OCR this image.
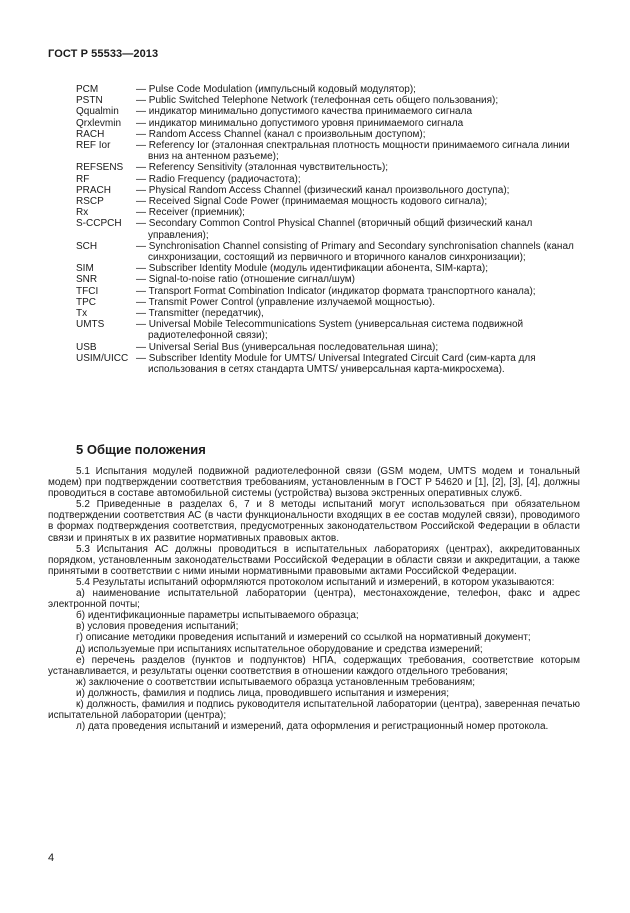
ГОСТ Р 55533—2013
PCM	— Pulse Code Modulation (импульсный кодовый модулятор);
PSTN	— Public Switched Telephone Network (телефонная сеть общего пользования);
Qqualmin	— индикатор минимально допустимого качества принимаемого сигнала
Qrxlevmin	— индикатор минимально допустимого уровня принимаемого сигнала
RACH	— Random Access Channel (канал с произвольным доступом);
REF Ior	— Referency Ior (эталонная спектральная плотность мощности принимаемого сигнала линии вниз на антенном разъеме);
REFSENS	— Referency Sensitivity (эталонная чувствительность);
RF	— Radio Frequency (радиочастота);
PRACH	— Physical Random Access Channel (физический канал произвольного доступа);
RSCP	— Received Signal Code Power (принимаемая мощность кодового сигнала);
Rx	— Receiver (приемник);
S-CCPCH	— Secondary Common Control Physical Channel (вторичный общий физический канал управления);
SCH	— Synchronisation Channel consisting of Primary and Secondary synchronisation channels (канал синхронизации, состоящий из первичного и вторичного каналов синхронизации);
SIM	— Subscriber Identity Module (модуль идентификации абонента, SIM-карта);
SNR	— Signal-to-noise ratio (отношение сигнал/шум)
TFCI	— Transport Format Combination Indicator (индикатор формата транспортного канала);
TPC	— Transmit Power Control (управление излучаемой мощностью).
Tx	— Transmitter (передатчик),
UMTS	— Universal Mobile Telecommunications System (универсальная система подвижной радиотелефонной связи);
USB	— Universal Serial Bus (универсальная последовательная шина);
USIM/UICC — Subscriber Identity Module for UMTS/ Universal Integrated Circuit Card (сим-карта для использования в сетях стандарта UMTS/ универсальная карта-микросхема).
5 Общие положения

5.1 Испытания модулей подвижной радиотелефонной связи (GSM модем, UMTS модем и тональный модем) при подтверждении соответствия требованиям, установленным в ГОСТ Р 54620 и [1], [2], [3], [4], должны проводиться в составе автомобильной системы (устройства) вызова экстренных оперативных служб.

5.2 Приведенные в разделах 6, 7 и 8 методы испытаний могут использоваться при обязательном подтверждении соответствия АС (в части функциональности входящих в ее состав модулей связи), проводимого в формах подтверждения соответствия, предусмотренных законодательством Российской Федерации в области связи и принятых в их развитие нормативных правовых актов.

5.3 Испытания АС должны проводиться в испытательных лабораториях (центрах), аккредитованных порядком, установленным законодательствами Российской Федерации в области связи и аккредитации, а также принятыми в соответствии с ними иными нормативными правовыми актами Российской Федерации.

5.4 Результаты испытаний оформляются протоколом испытаний и измерений, в котором указываются:

а) наименование испытательной лаборатории (центра), местонахождение, телефон, факс и адрес электронной почты;

б) идентификационные параметры испытываемого образца;

в) условия проведения испытаний;

г) описание методики проведения испытаний и измерений со ссылкой на нормативный документ;

д) используемые при испытаниях испытательное оборудование и средства измерений;

е) перечень разделов (пунктов и подпунктов) НПА, содержащих требования, соответствие которым устанавливается, и результаты оценки соответствия в отношении каждого отдельного требования;

ж) заключение о соответствии испытываемого образца установленным требованиям;

и) должность, фамилия и подпись лица, проводившего испытания и измерения;

к) должность, фамилия и подпись руководителя испытательной лаборатории (центра), заверенная печатью испытательной лаборатории (центра);

л) дата проведения испытаний и измерений, дата оформления и регистрационный номер протокола.

4
